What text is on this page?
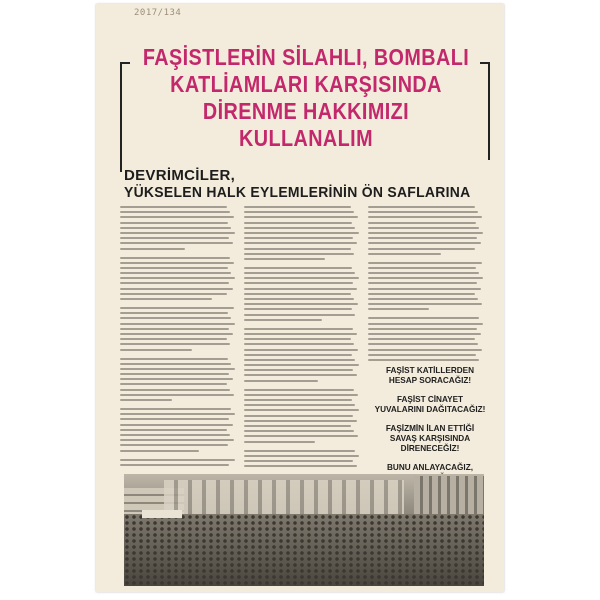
2017/134
FAŞİSTLERİN SİLAHLI, BOMBALI
KATLİAMLARI KARŞISINDA
DİRENME HAKKIMIZI
KULLANALIM
DEVRİMCİLER,
YÜKSELEN HALK EYLEMLERİNİN ÖN SAFLARINA
FAŞİST KATİLLERDEN HESAP SORACAĞIZ!
FAŞİST CİNAYET YUVALARINI DAĞITACAĞIZ!
FAŞİZMİN İLAN ETTİĞİ SAVAŞ KARŞISINDA DİRENECEĞİZ!
BUNU ANLAYACAĞIZ,
